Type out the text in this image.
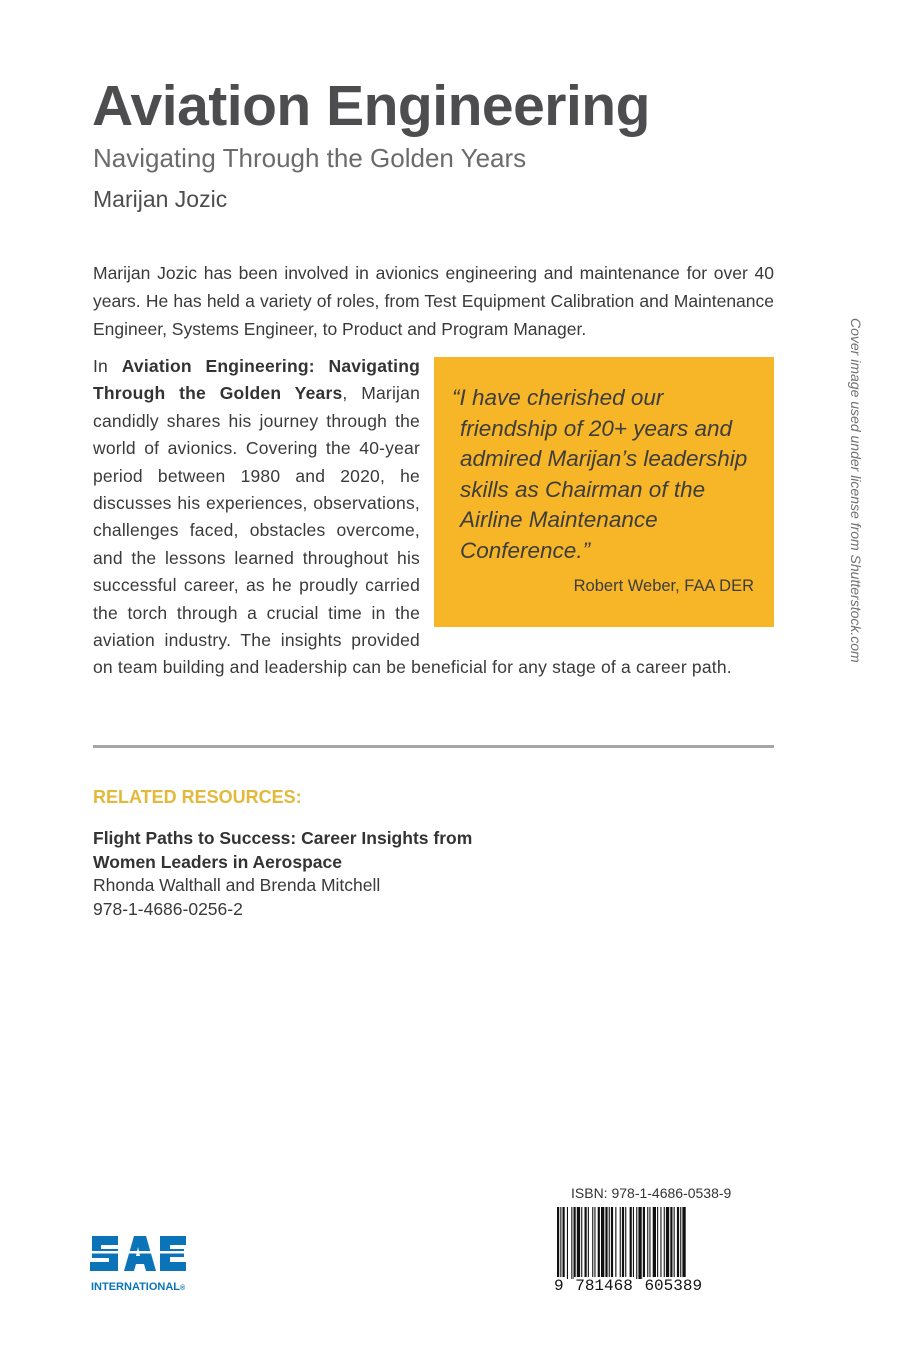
Aviation Engineering
Navigating Through the Golden Years
Marijan Jozic

Marijan Jozic has been involved in avionics engineering and maintenance for over 40 years. He has held a variety of roles, from Test Equipment Calibration and Maintenance Engineer, Systems Engineer, to Product and Program Manager.

“I have cherished our friendship of 20+ years and admired Marijan’s leadership skills as Chairman of the Airline Maintenance Conference.”

Robert Weber, FAA DER

In Aviation Engineering: Navigating Through the Golden Years, Marijan candidly shares his journey through the world of avionics. Covering the 40-year period between 1980 and 2020, he discusses his experiences, observations, challenges faced, obstacles overcome, and the lessons learned throughout his successful career, as he proudly carried the torch through a crucial time in the aviation industry. The insights provided on team building and leadership can be beneficial for any stage of a career path.

RELATED RESOURCES:

Flight Paths to Success: Career Insights from Women Leaders in Aerospace

Rhonda Walthall and Brenda Mitchell
978-1-4686-0256-2
Cover image used under license from Shutterstock.com
ISBN: 978-1-4686-0538-9
9 781468 605389
INTERNATIONAL®
